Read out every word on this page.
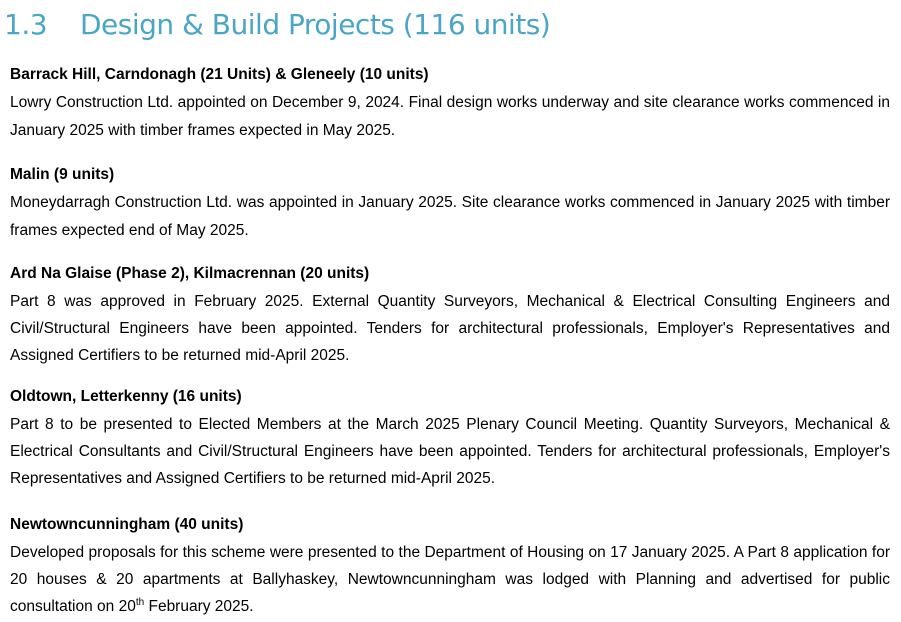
1.3	Design & Build Projects (116 units)
Barrack Hill, Carndonagh (21 Units) & Gleneely (10 units)
Lowry Construction Ltd. appointed on December 9, 2024. Final design works underway and site clearance works commenced in January 2025 with timber frames expected in May 2025.
Malin (9 units)
Moneydarragh Construction Ltd. was appointed in January 2025. Site clearance works commenced in January 2025 with timber frames expected end of May 2025.
Ard Na Glaise (Phase 2), Kilmacrennan (20 units)
Part 8 was approved in February 2025. External Quantity Surveyors, Mechanical & Electrical Consulting Engineers and Civil/Structural Engineers have been appointed. Tenders for architectural professionals, Employer's Representatives and Assigned Certifiers to be returned mid-April 2025.
Oldtown, Letterkenny (16 units)
Part 8 to be presented to Elected Members at the March 2025 Plenary Council Meeting. Quantity Surveyors, Mechanical & Electrical Consultants and Civil/Structural Engineers have been appointed. Tenders for architectural professionals, Employer's Representatives and Assigned Certifiers to be returned mid-April 2025.
Newtowncunningham (40 units)
Developed proposals for this scheme were presented to the Department of Housing on 17 January 2025. A Part 8 application for 20 houses & 20 apartments at Ballyhaskey, Newtowncunningham was lodged with Planning and advertised for public consultation on 20th February 2025.
